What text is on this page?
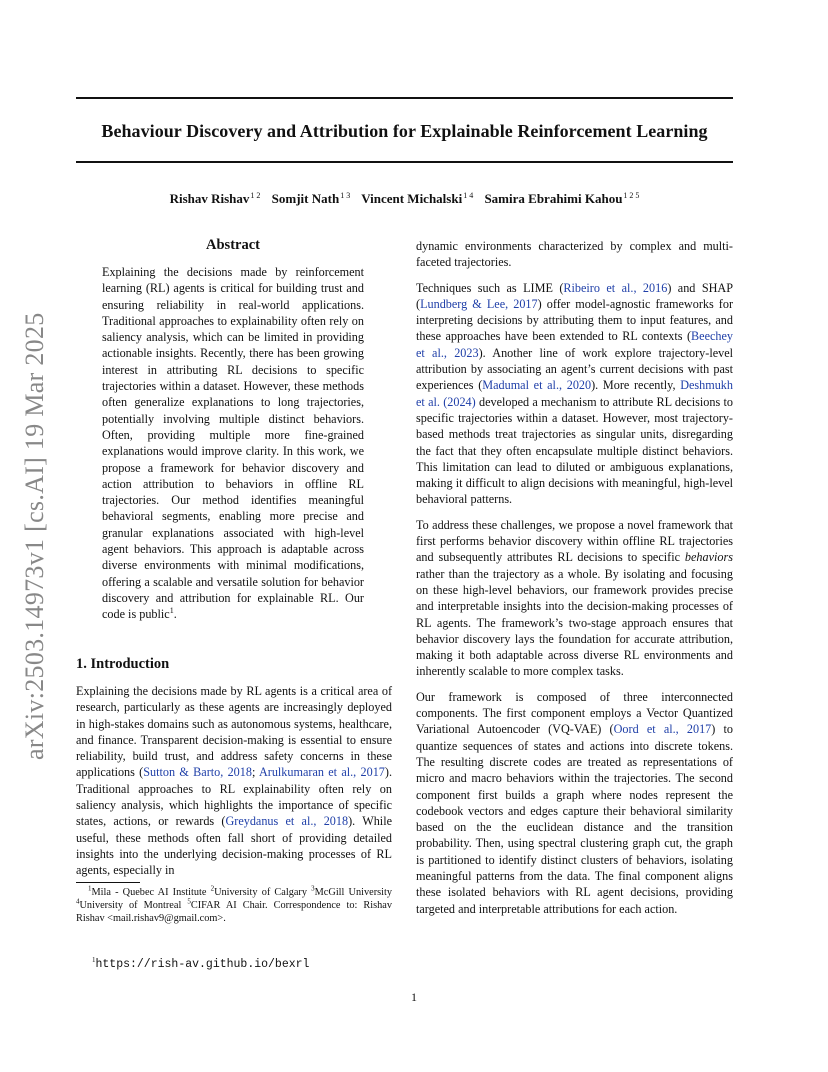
Behaviour Discovery and Attribution for Explainable Reinforcement Learning
Rishav Rishav$^{1 2}$ Somjit Nath$^{1 3}$ Vincent Michalski$^{1 4}$ Samira Ebrahimi Kahou$^{1 2 5}$
arXiv:2503.14973v1 [cs.AI] 19 Mar 2025
Abstract
Explaining the decisions made by reinforcement learning (RL) agents is critical for building trust and ensuring reliability in real-world applications. Traditional approaches to explainability often rely on saliency analysis, which can be limited in providing actionable insights. Recently, there has been growing interest in attributing RL decisions to specific trajectories within a dataset. However, these methods often generalize explanations to long trajectories, potentially involving multiple distinct behaviors. Often, providing multiple more fine-grained explanations would improve clarity. In this work, we propose a framework for behavior discovery and action attribution to behaviors in offline RL trajectories. Our method identifies meaningful behavioral segments, enabling more precise and granular explanations associated with high-level agent behaviors. This approach is adaptable across diverse environments with minimal modifications, offering a scalable and versatile solution for behavior discovery and attribution for explainable RL. Our code is public$^1$.
1. Introduction
Explaining the decisions made by RL agents is a critical area of research, particularly as these agents are increasingly deployed in high-stakes domains such as autonomous systems, healthcare, and finance. Transparent decision-making is essential to ensure reliability, build trust, and address safety concerns in these applications (Sutton & Barto, 2018; Arulkumaran et al., 2017). Traditional approaches to RL explainability often rely on saliency analysis, which highlights the importance of specific states, actions, or rewards (Greydanus et al., 2018). While useful, these methods often fall short of providing detailed insights into the underlying decision-making processes of RL agents, especially in

dynamic environments characterized by complex and multi-faceted trajectories.

Techniques such as LIME (Ribeiro et al., 2016) and SHAP (Lundberg & Lee, 2017) offer model-agnostic frameworks for interpreting decisions by attributing them to input features, and these approaches have been extended to RL contexts (Beechey et al., 2023). Another line of work explore trajectory-level attribution by associating an agent’s current decisions with past experiences (Madumal et al., 2020). More recently, Deshmukh et al. (2024) developed a mechanism to attribute RL decisions to specific trajectories within a dataset. However, most trajectory-based methods treat trajectories as singular units, disregarding the fact that they often encapsulate multiple distinct behaviors. This limitation can lead to diluted or ambiguous explanations, making it difficult to align decisions with meaningful, high-level behavioral patterns.

To address these challenges, we propose a novel framework that first performs behavior discovery within offline RL trajectories and subsequently attributes RL decisions to specific behaviors rather than the trajectory as a whole. By isolating and focusing on these high-level behaviors, our framework provides precise and interpretable insights into the decision-making processes of RL agents. The framework’s two-stage approach ensures that behavior discovery lays the foundation for accurate attribution, making it both adaptable across diverse RL environments and inherently scalable to more complex tasks.

Our framework is composed of three interconnected components. The first component employs a Vector Quantized Variational Autoencoder (VQ-VAE) (Oord et al., 2017) to quantize sequences of states and actions into discrete tokens. The resulting discrete codes are treated as representations of micro and macro behaviors within the trajectories. The second component first builds a graph where nodes represent the codebook vectors and edges capture their behavioral similarity based on the the euclidean distance and the transition probability. Then, using spectral clustering graph cut, the graph is partitioned to identify distinct clusters of behaviors, isolating meaningful patterns from the data. The final component aligns these isolated behaviors with RL agent decisions, providing targeted and interpretable attributions for each action.

$^1$Mila - Quebec AI Institute $^2$University of Calgary $^3$McGill University $^4$University of Montreal $^5$CIFAR AI Chair. Correspondence to: Rishav Rishav <mail.rishav9@gmail.com>.
$^1$https://rish-av.github.io/bexrl
1
